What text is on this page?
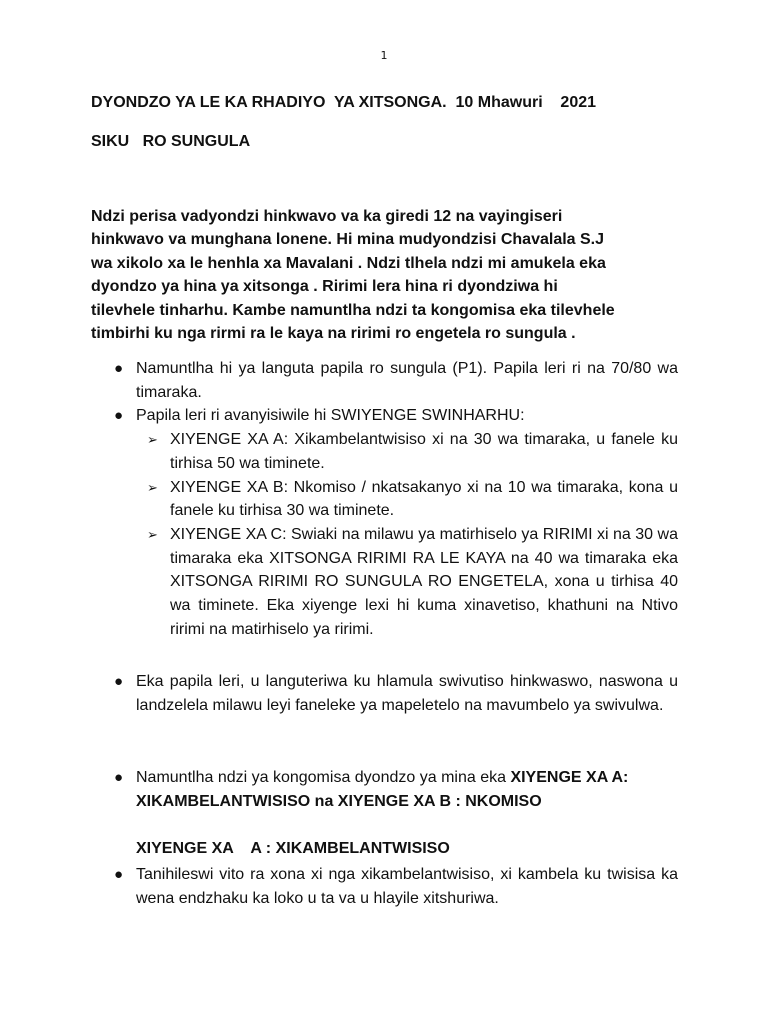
1
DYONDZO YA LE KA RHADIYO  YA XITSONGA.  10 Mhawuri    2021
SIKU   RO SUNGULA

Ndzi perisa vadyondzi hinkwavo va ka giredi 12 na vayingiseri

hinkwavo va munghana lonene. Hi mina mudyondzisi Chavalala S.J

wa xikolo xa le henhla xa Mavalani . Ndzi tlhela ndzi mi amukela eka

dyondzo ya hina ya xitsonga . Ririmi lera hina ri dyondziwa hi

tilevhele tinharhu. Kambe namuntlha ndzi ta kongomisa eka tilevhele

timbirhi ku nga rirmi ra le kaya na ririmi ro engetela ro sungula .

● Namuntlha hi ya languta papila ro sungula (P1). Papila leri ri na 70/80 wa timaraka.
● Papila leri ri avanyisiwile hi SWIYENGE SWINHARHU:
➢ XIYENGE XA A: Xikambelantwisiso xi na 30 wa timaraka, u fanele ku tirhisa 50 wa timinete.
➢ XIYENGE XA B: Nkomiso / nkatsakanyo xi na 10 wa timaraka, kona u fanele ku tirhisa 30 wa timinete.
➢ XIYENGE XA C: Swiaki na milawu ya matirhiselo ya RIRIMI xi na 30 wa timaraka eka XITSONGA RIRIMI RA LE KAYA na 40 wa timaraka eka XITSONGA RIRIMI RO SUNGULA RO ENGETELA, xona u tirhisa 40 wa timinete. Eka xiyenge lexi hi kuma xinavetiso, khathuni na Ntivo ririmi na matirhiselo ya ririmi.
● Eka papila leri, u languteriwa ku hlamula swivutiso hinkwaswo, naswona u landzelela milawu leyi faneleke ya mapeletelo na mavumbelo ya swivulwa.
● Namuntlha ndzi ya kongomisa dyondzo ya mina eka XIYENGE XA A:
XIKAMBELANTWISISO na XIYENGE XA B : NKOMISO
XIYENGE XA    A : XIKAMBELANTWISISO
● Tanihileswi vito ra xona xi nga xikambelantwisiso, xi kambela ku twisisa ka wena endzhaku ka loko u ta va u hlayile xitshuriwa.
